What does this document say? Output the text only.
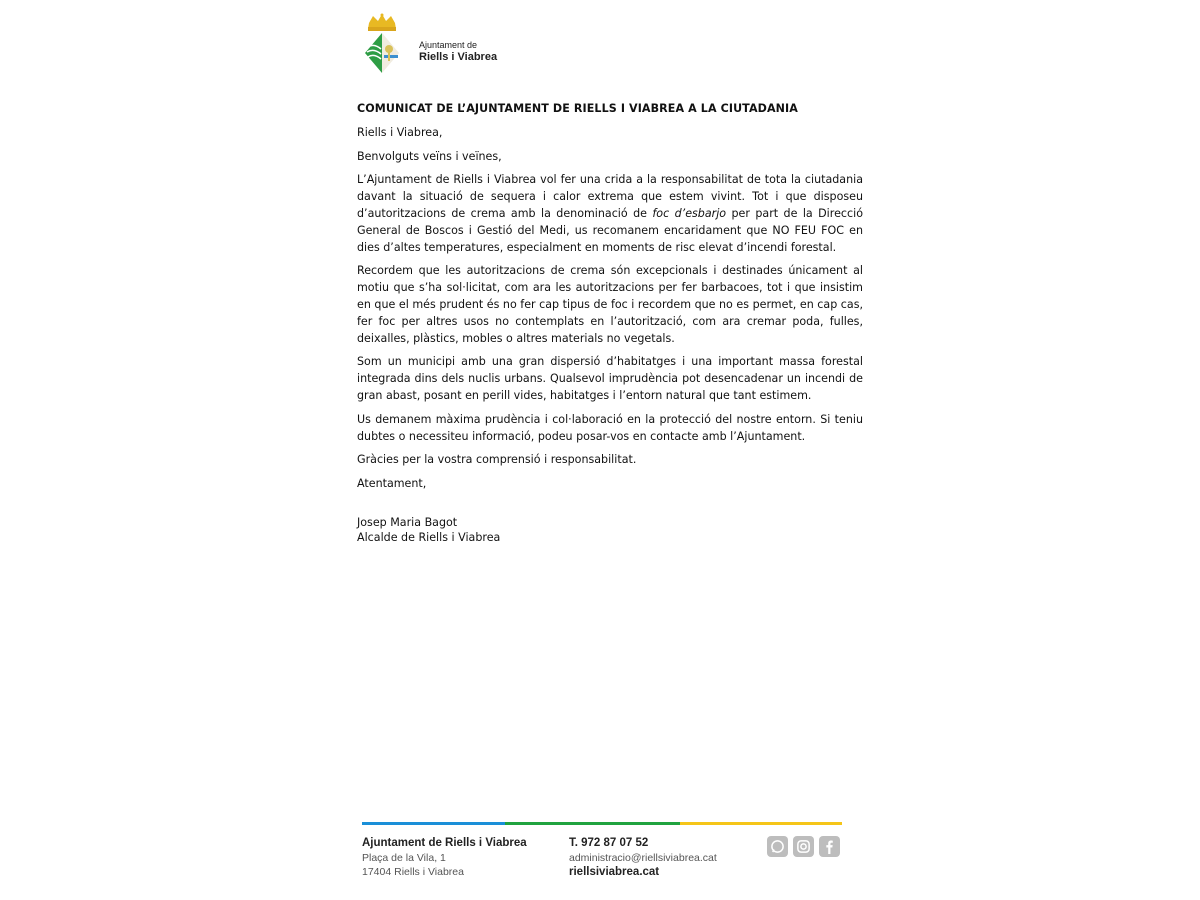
Ajuntament de
Riells i Viabrea

COMUNICAT DE L’AJUNTAMENT DE RIELLS I VIABREA A LA CIUTADANIA

Riells i Viabrea,

Benvolguts veïns i veïnes,

L’Ajuntament de Riells i Viabrea vol fer una crida a la responsabilitat de tota la ciutadania davant la situació de sequera i calor extrema que estem vivint. Tot i que disposeu d’autoritzacions de crema amb la denominació de foc d’esbarjo per part de la Direcció General de Boscos i Gestió del Medi, us recomanem encaridament que NO FEU FOC en dies d’altes temperatures, especialment en moments de risc elevat d’incendi forestal.

Recordem que les autoritzacions de crema són excepcionals i destinades únicament al motiu que s’ha sol·licitat, com ara les autoritzacions per fer barbacoes, tot i que insistim en que el més prudent és no fer cap tipus de foc i recordem que no es permet, en cap cas, fer foc per altres usos no contemplats en l’autorització, com ara cremar poda, fulles, deixalles, plàstics, mobles o altres materials no vegetals.

Som un municipi amb una gran dispersió d’habitatges i una important massa forestal integrada dins dels nuclis urbans. Qualsevol imprudència pot desencadenar un incendi de gran abast, posant en perill vides, habitatges i l’entorn natural que tant estimem.

Us demanem màxima prudència i col·laboració en la protecció del nostre entorn. Si teniu dubtes o necessiteu informació, podeu posar-vos en contacte amb l’Ajuntament.

Gràcies per la vostra comprensió i responsabilitat.

Atentament,

Josep Maria Bagot
Alcalde de Riells i Viabrea
Ajuntament de Riells i Viabrea
Plaça de la Vila, 1
17404 Riells i Viabrea
T. 972 87 07 52
administracio@riellsiviabrea.cat
riellsiviabrea.cat
